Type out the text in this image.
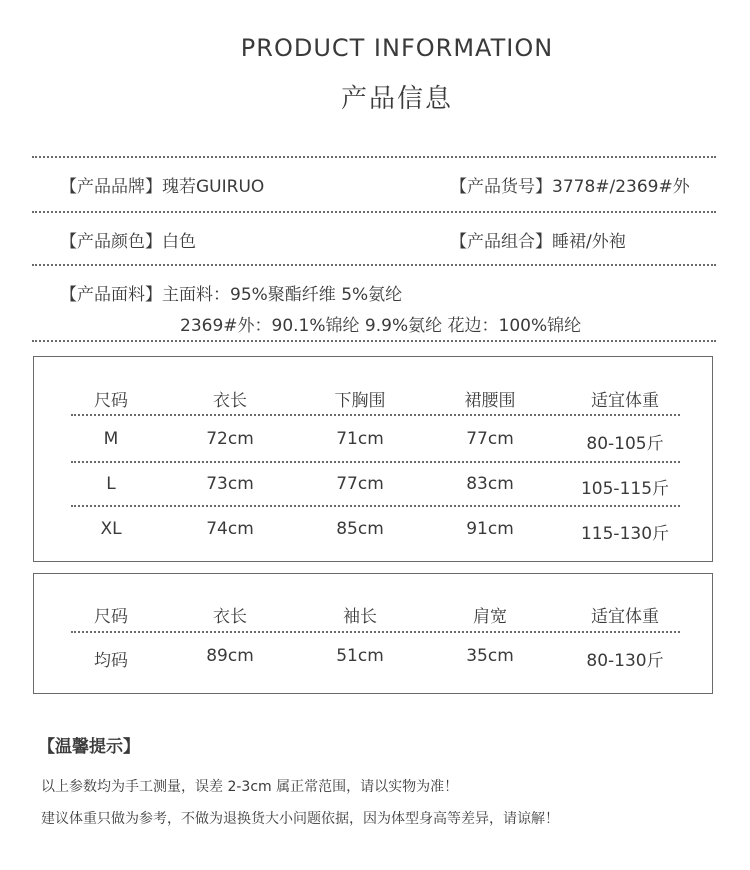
PRODUCT INFORMATION
产品信息
【产品品牌】瑰若GUIRUO	【产品货号】3778#/2369#外
【产品颜色】白色	【产品组合】睡裙/外袍
【产品面料】主面料：95%聚酯纤维 5%氨纶
2369#外：90.1%锦纶 9.9%氨纶 花边：100%锦纶
尺码	衣长	下胸围	裙腰围	适宜体重
M	72cm	71cm	77cm	80-105斤
L	73cm	77cm	83cm	105-115斤
XL	74cm	85cm	91cm	115-130斤
尺码	衣长	袖长	肩宽	适宜体重
均码	89cm	51cm	35cm	80-130斤
【温馨提示】
以上参数均为手工测量，误差 2-3cm 属正常范围，请以实物为准！
建议体重只做为参考，不做为退换货大小问题依据，因为体型身高等差异，请谅解！
